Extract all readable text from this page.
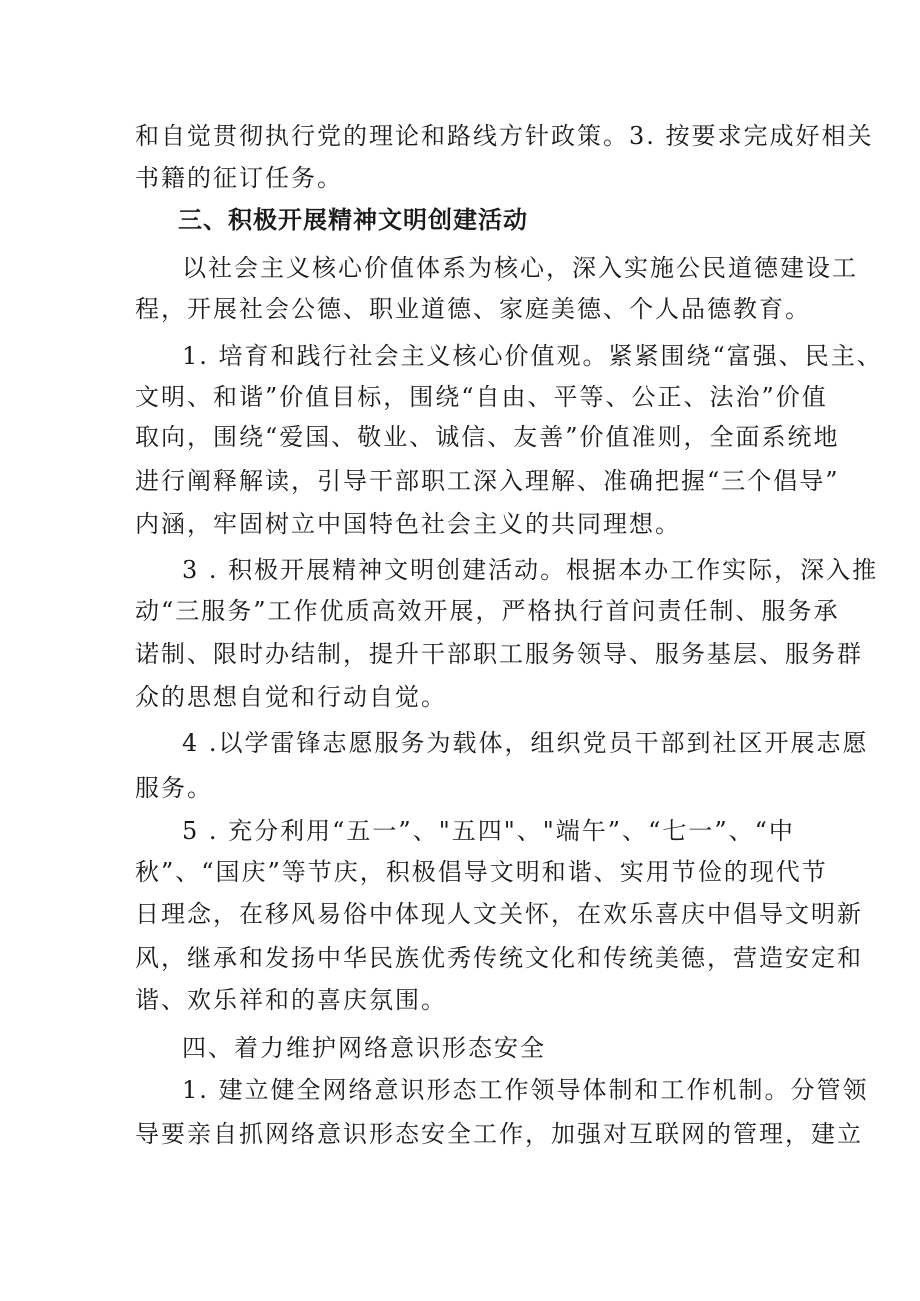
和自觉贯彻执行党的理论和路线方针政策。3. 按要求完成好相关
书籍的征订任务。
三、积极开展精神文明创建活动
以社会主义核心价值体系为核心，深入实施公民道德建设工
程，开展社会公德、职业道德、家庭美德、个人品德教育。
1. 培育和践行社会主义核心价值观。紧紧围绕“富强、民主、
文明、和谐”价值目标，围绕“自由、平等、公正、法治”价值
取向，围绕“爱国、敬业、诚信、友善”价值准则，全面系统地
进行阐释解读，引导干部职工深入理解、准确把握“三个倡导”
内涵，牢固树立中国特色社会主义的共同理想。
3 . 积极开展精神文明创建活动。根据本办工作实际，深入推
动“三服务”工作优质高效开展，严格执行首问责任制、服务承
诺制、限时办结制，提升干部职工服务领导、服务基层、服务群
众的思想自觉和行动自觉。
4 .以学雷锋志愿服务为载体，组织党员干部到社区开展志愿
服务。
5 . 充分利用“五一”、"五四"、"端午”、“七一”、“中
秋”、“国庆”等节庆，积极倡导文明和谐、实用节俭的现代节
日理念，在移风易俗中体现人文关怀，在欢乐喜庆中倡导文明新
风，继承和发扬中华民族优秀传统文化和传统美德，营造安定和
谐、欢乐祥和的喜庆氛围。
四、着力维护网络意识形态安全
1. 建立健全网络意识形态工作领导体制和工作机制。分管领
导要亲自抓网络意识形态安全工作，加强对互联网的管理，建立
